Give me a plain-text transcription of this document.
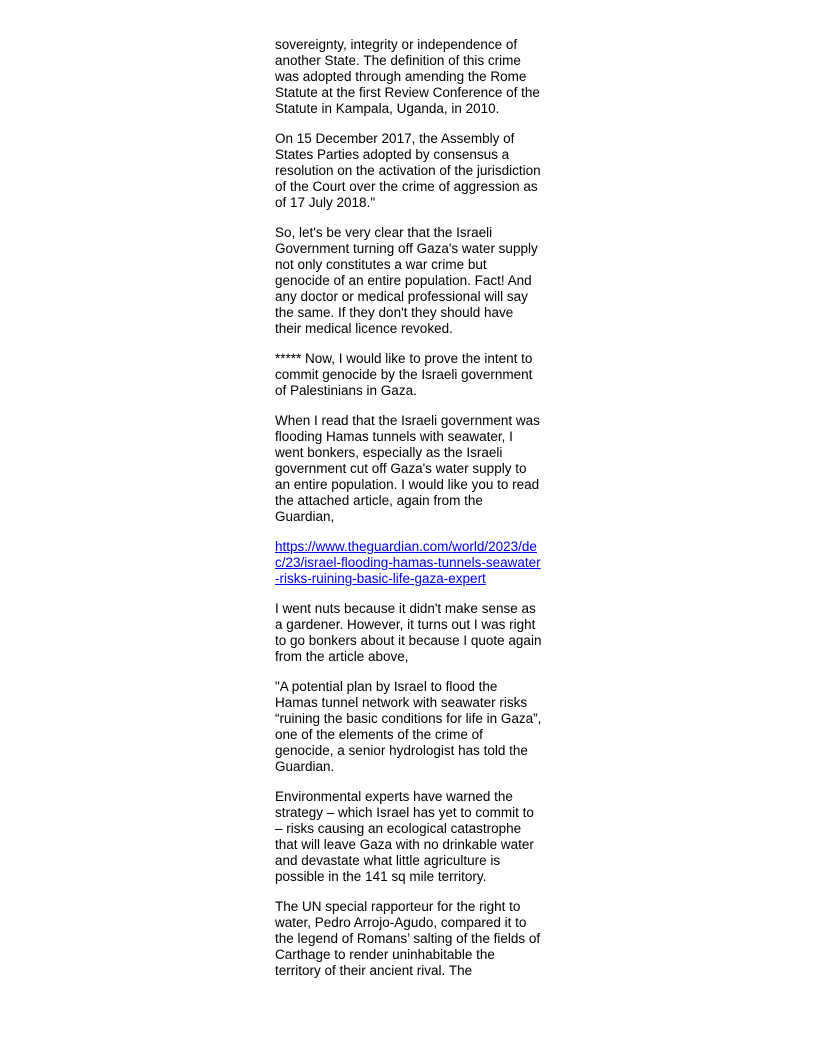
sovereignty, integrity or independence of another State. The definition of this crime was adopted through amending the Rome Statute at the first Review Conference of the Statute in Kampala, Uganda, in 2010.

On 15 December 2017, the Assembly of States Parties adopted by consensus a resolution on the activation of the jurisdiction of the Court over the crime of aggression as of 17 July 2018."

So, let's be very clear that the Israeli Government turning off Gaza's water supply not only constitutes a war crime but genocide of an entire population. Fact! And any doctor or medical professional will say the same. If they don't they should have their medical licence revoked.

***** Now, I would like to prove the intent to commit genocide by the Israeli government of Palestinians in Gaza.

When I read that the Israeli government was flooding Hamas tunnels with seawater, I went bonkers, especially as the Israeli government cut off Gaza's water supply to an entire population. I would like you to read the attached article, again from the Guardian,

https://www.theguardian.com/world/2023/dec/23/israel-flooding-hamas-tunnels-seawater-risks-ruining-basic-life-gaza-expert

I went nuts because it didn't make sense as a gardener. However, it turns out I was right to go bonkers about it because I quote again from the article above,

"A potential plan by Israel to flood the Hamas tunnel network with seawater risks “ruining the basic conditions for life in Gaza”, one of the elements of the crime of genocide, a senior hydrologist has told the Guardian.

Environmental experts have warned the strategy – which Israel has yet to commit to – risks causing an ecological catastrophe that will leave Gaza with no drinkable water and devastate what little agriculture is possible in the 141 sq mile territory.

The UN special rapporteur for the right to water, Pedro Arrojo-Agudo, compared it to the legend of Romans’ salting of the fields of Carthage to render uninhabitable the territory of their ancient rival. The
